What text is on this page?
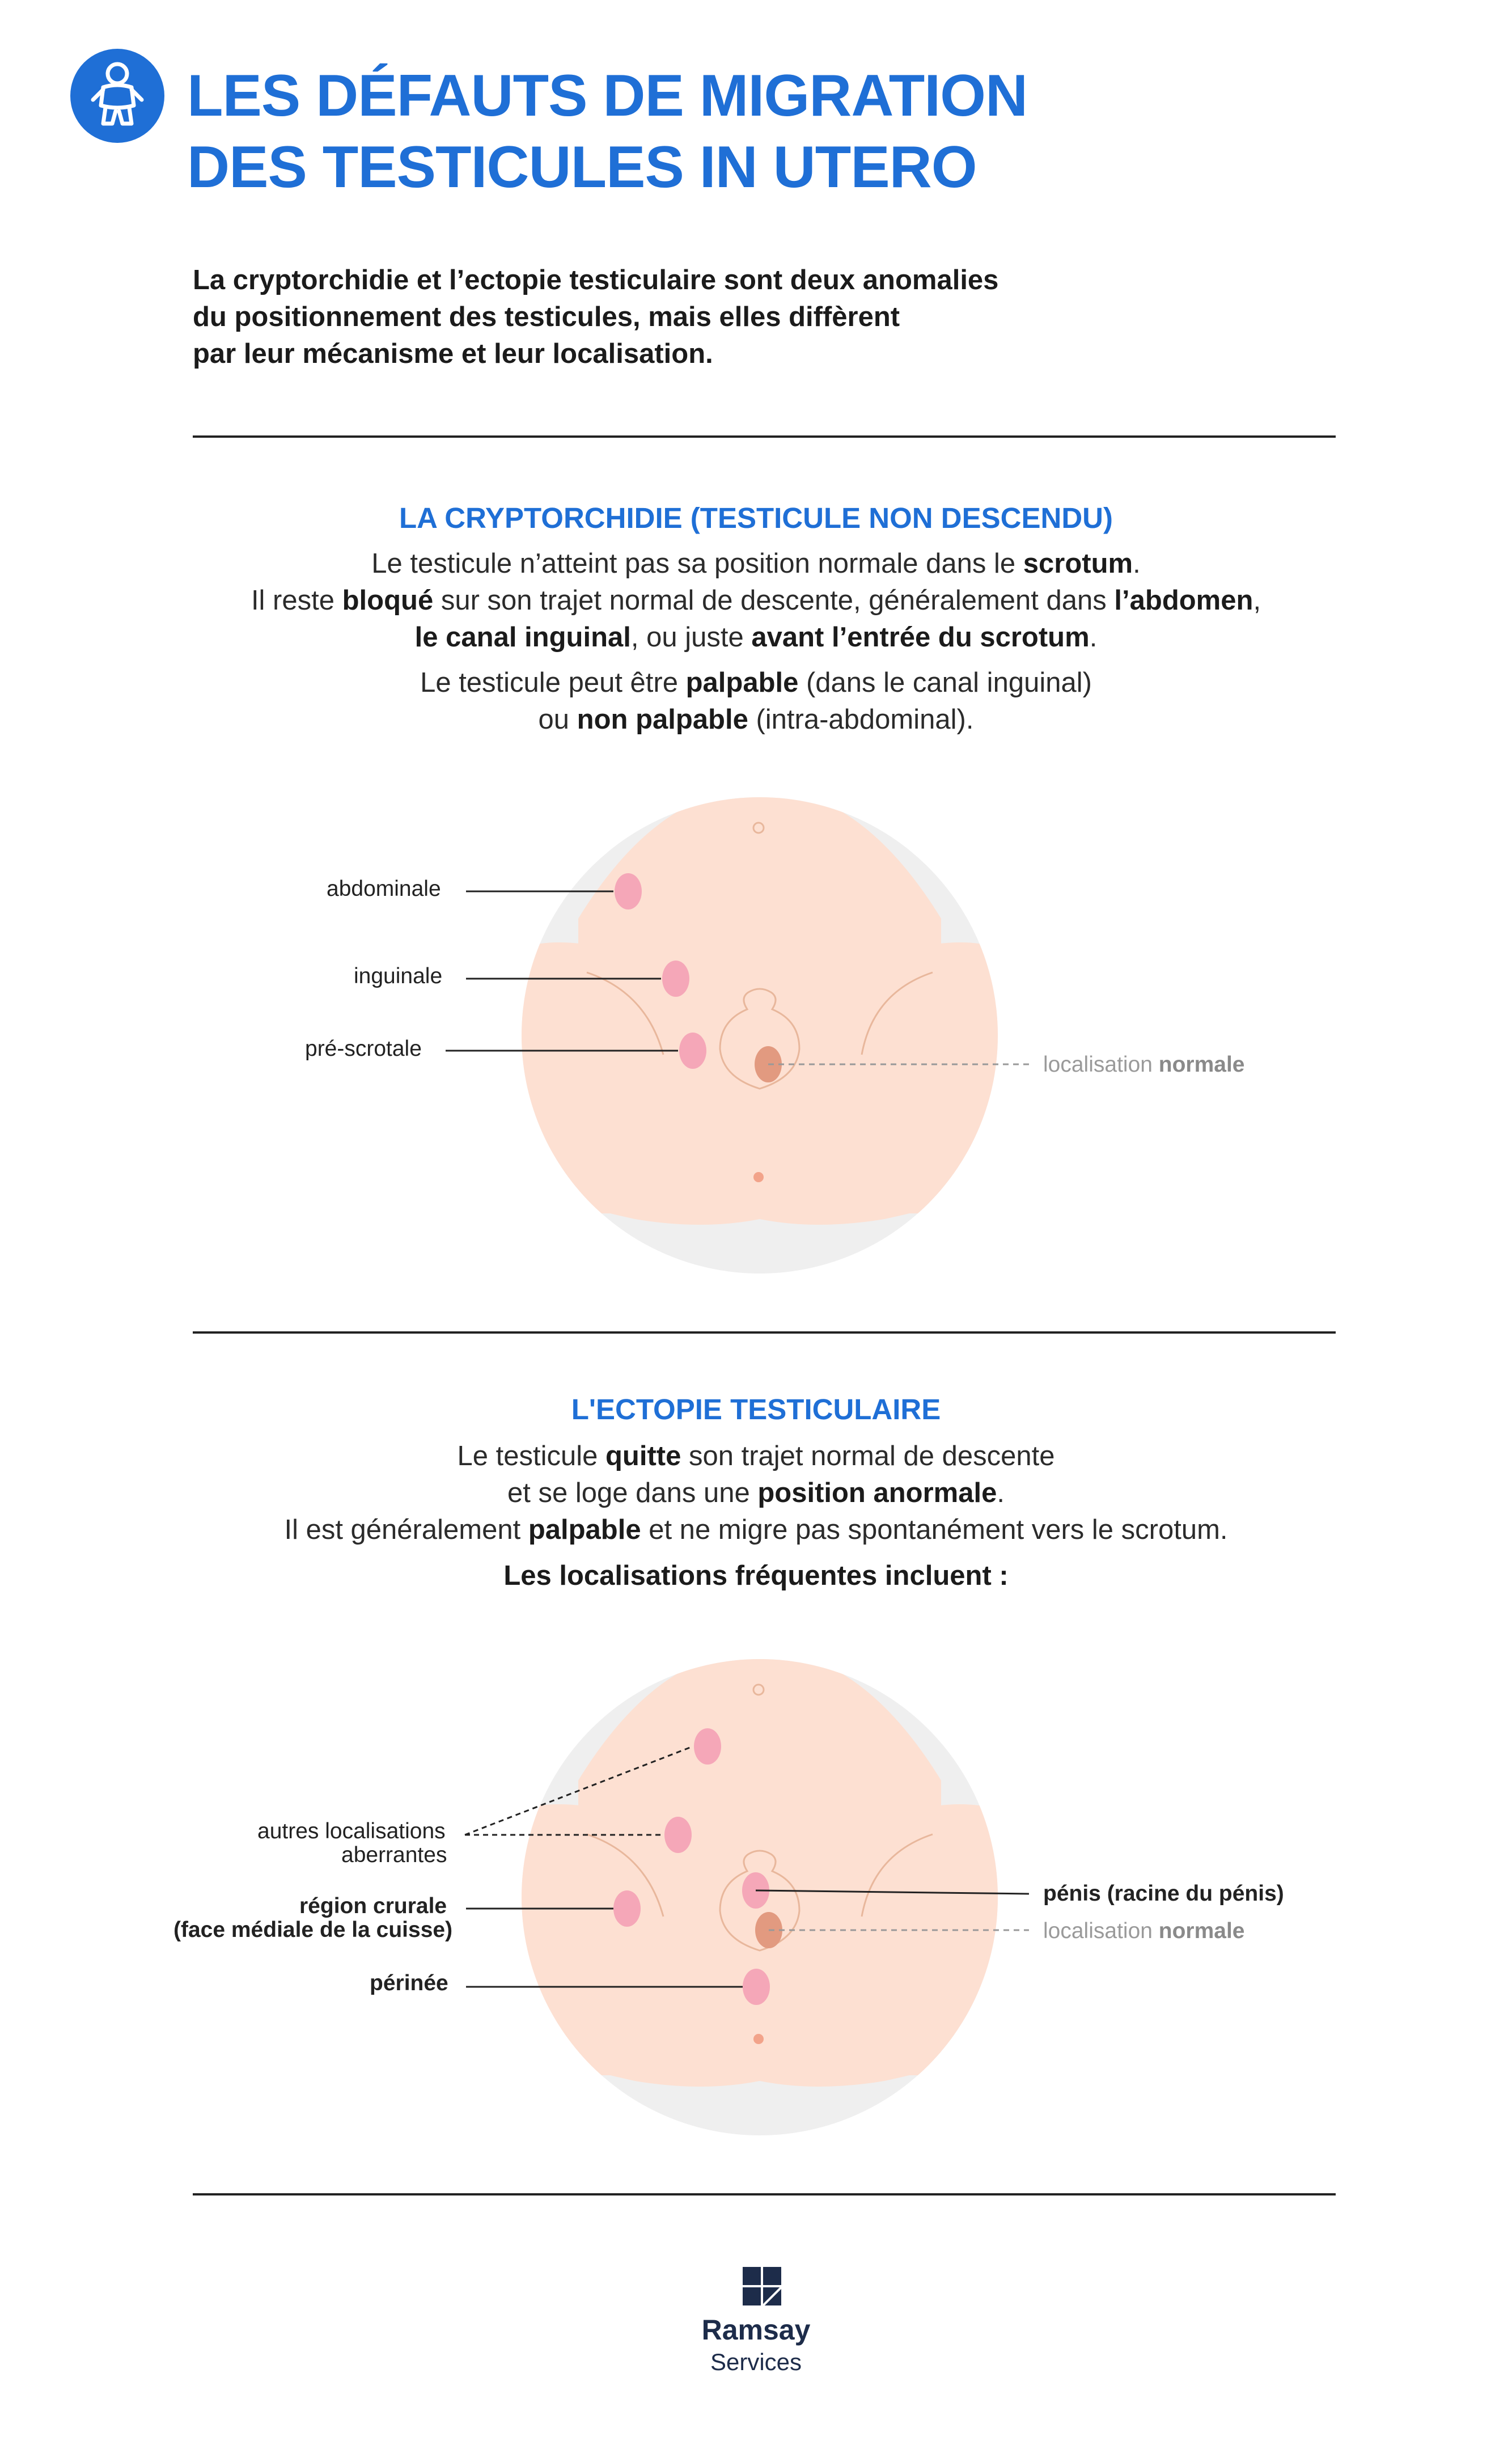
LES DÉFAUTS DE MIGRATION
DES TESTICULES IN UTERO
La cryptorchidie et l’ectopie testiculaire sont deux anomalies
du positionnement des testicules, mais elles diffèrent
par leur mécanisme et leur localisation.
LA CRYPTORCHIDIE (TESTICULE NON DESCENDU)
Le testicule n’atteint pas sa position normale dans le scrotum.
Il reste bloqué sur son trajet normal de descente, généralement dans l’abdomen,
le canal inguinal, ou juste avant l’entrée du scrotum.
Le testicule peut être palpable (dans le canal inguinal)
ou non palpable (intra-abdominal).
abdominale
inguinale
pré-scrotale
localisation normale
L'ECTOPIE TESTICULAIRE
Le testicule quitte son trajet normal de descente
et se loge dans une position anormale.
Il est généralement palpable et ne migre pas spontanément vers le scrotum.
Les localisations fréquentes incluent :
autres localisations
aberrantes
région crurale
(face médiale de la cuisse)
périnée
pénis (racine du pénis)
localisation normale
Ramsay
Services
